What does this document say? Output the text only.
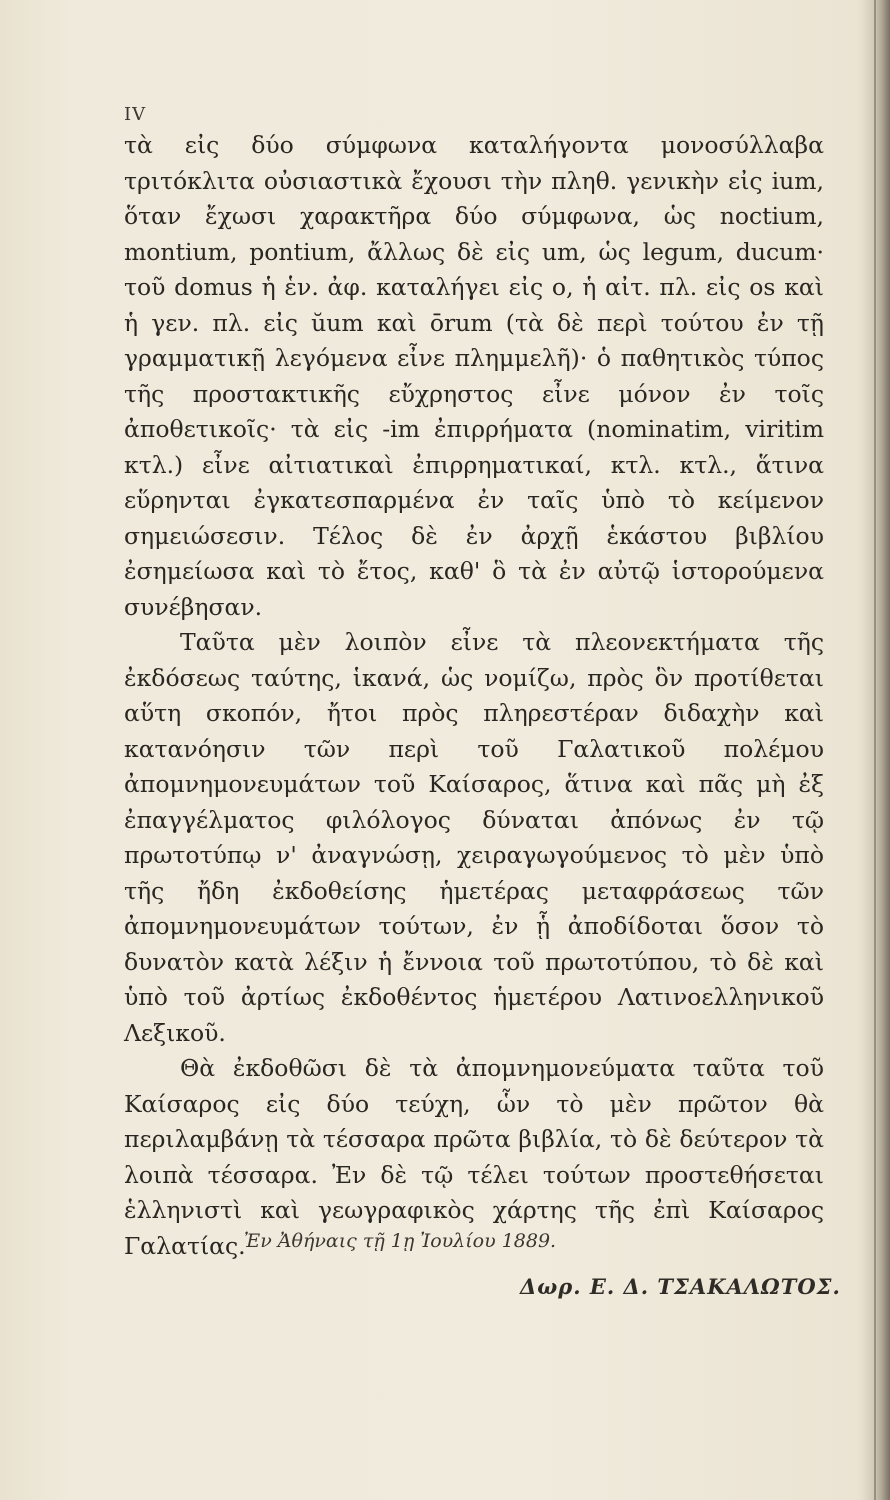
IV

τὰ εἰς δύο σύμφωνα καταλήγοντα μονοσύλλαβα τριτόκλιτα οὐσιαστικὰ ἔχουσι τὴν πληθ. γενικὴν εἰς ium, ὅταν ἔχωσι χαρακτῆρα δύο σύμφωνα, ὡς noctium, montium, pontium, ἄλλως δὲ εἰς um, ὡς legum, ducum· τοῦ domus ἡ ἑν. ἀφ. καταλήγει εἰς o, ἡ αἰτ. πλ. εἰς os καὶ ἡ γεν. πλ. εἰς ŭum καὶ ōrum (τὰ δὲ περὶ τούτου ἐν τῇ γραμματικῇ λεγόμενα εἶνε πλημμελῆ)· ὁ παθητικὸς τύπος τῆς προστακτικῆς εὔχρηστος εἶνε μόνον ἐν τοῖς ἀποθετικοῖς· τὰ εἰς -im ἐπιρρήματα (nominatim, viritim κτλ.) εἶνε αἰτιατικαὶ ἐπιρρηματικαί, κτλ. κτλ., ἅτινα εὕρηνται ἐγκατεσπαρμένα ἐν ταῖς ὑπὸ τὸ κείμενον σημειώσεσιν. Τέλος δὲ ἐν ἀρχῇ ἑκάστου βιβλίου ἐσημείωσα καὶ τὸ ἔτος, καθ' ὃ τὰ ἐν αὐτῷ ἱστορούμενα συνέβησαν.

Ταῦτα μὲν λοιπὸν εἶνε τὰ πλεονεκτήματα τῆς ἐκδόσεως ταύτης, ἱκανά, ὡς νομίζω, πρὸς ὃν προτίθεται αὕτη σκοπόν, ἤτοι πρὸς πληρεστέραν διδαχὴν καὶ κατανόησιν τῶν περὶ τοῦ Γαλατικοῦ πολέμου ἀπομνημονευμάτων τοῦ Καίσαρος, ἅτινα καὶ πᾶς μὴ ἐξ ἐπαγγέλματος φιλόλογος δύναται ἀπόνως ἐν τῷ πρωτοτύπῳ ν' ἀναγνώσῃ, χειραγωγούμενος τὸ μὲν ὑπὸ τῆς ἤδη ἐκδοθείσης ἡμετέρας μεταφράσεως τῶν ἀπομνημονευμάτων τούτων, ἐν ᾗ ἀποδίδοται ὅσον τὸ δυνατὸν κατὰ λέξιν ἡ ἔννοια τοῦ πρωτοτύπου, τὸ δὲ καὶ ὑπὸ τοῦ ἀρτίως ἐκδοθέντος ἡμετέρου Λατινοελληνικοῦ Λεξικοῦ.

Θὰ ἐκδοθῶσι δὲ τὰ ἀπομνημονεύματα ταῦτα τοῦ Καίσαρος εἰς δύο τεύχη, ὧν τὸ μὲν πρῶτον θὰ περιλαμβάνῃ τὰ τέσσαρα πρῶτα βιβλία, τὸ δὲ δεύτερον τὰ λοιπὰ τέσσαρα. Ἐν δὲ τῷ τέλει τούτων προστεθήσεται ἑλληνιστὶ καὶ γεωγραφικὸς χάρτης τῆς ἐπὶ Καίσαρος Γαλατίας.

Ἐν Ἀθήναις τῇ 1ῃ Ἰουλίου 1889.
Δωρ. Ε. Δ. ΤΣΑΚΑΛΩΤΟΣ.
